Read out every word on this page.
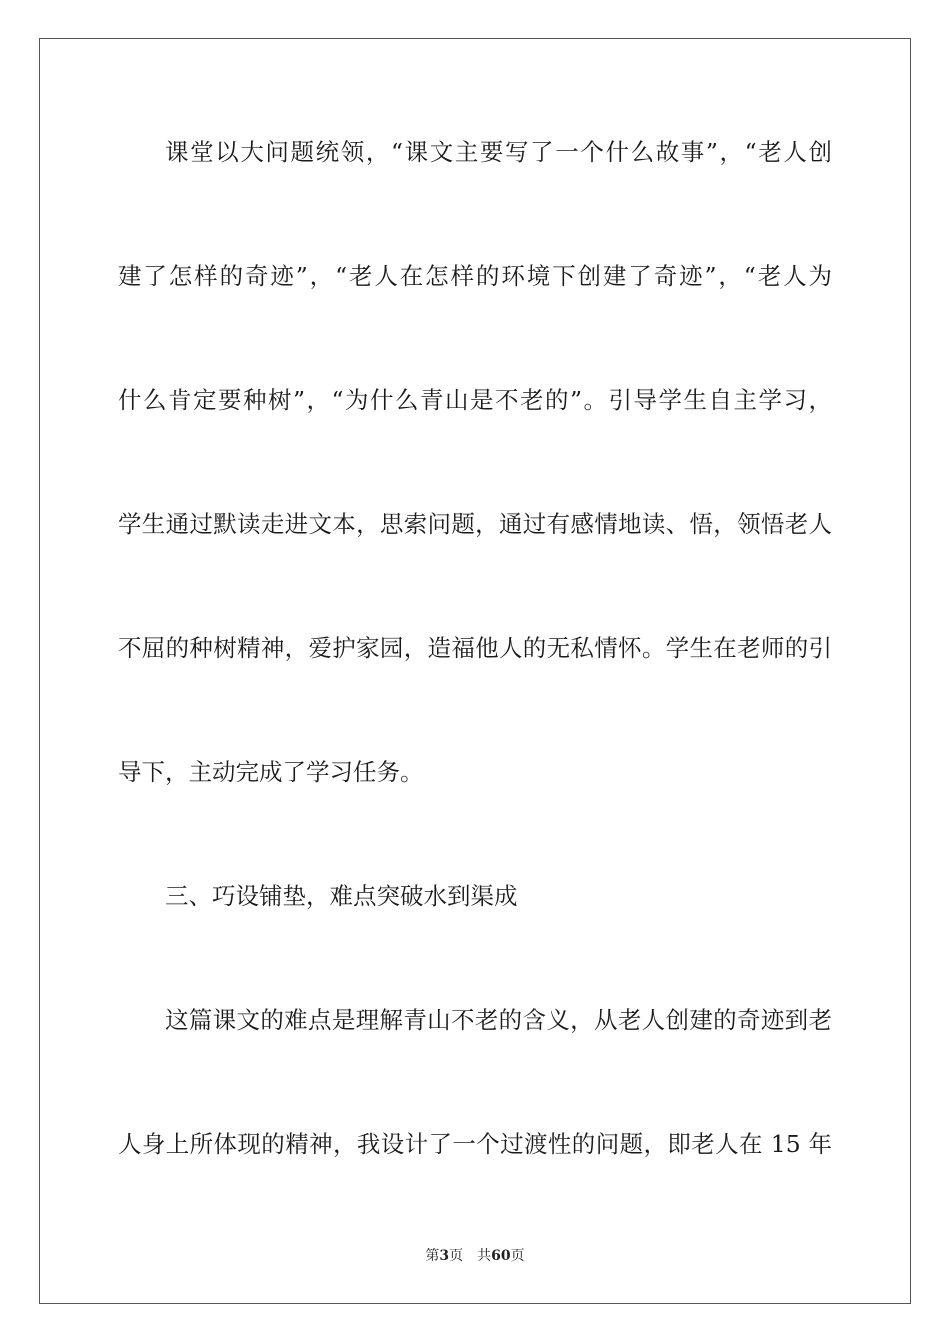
课堂以大问题统领，“课文主要写了一个什么故事”，“老人创
建了怎样的奇迹”，“老人在怎样的环境下创建了奇迹”，“老人为
什么肯定要种树”，“为什么青山是不老的”。引导学生自主学习，
学生通过默读走进文本，思索问题，通过有感情地读、悟，领悟老人
不屈的种树精神，爱护家园，造福他人的无私情怀。学生在老师的引
导下，主动完成了学习任务。
三、巧设铺垫，难点突破水到渠成
这篇课文的难点是理解青山不老的含义，从老人创建的奇迹到老
人身上所体现的精神，我设计了一个过渡性的问题，即老人在 15 年
第3页 共60页
